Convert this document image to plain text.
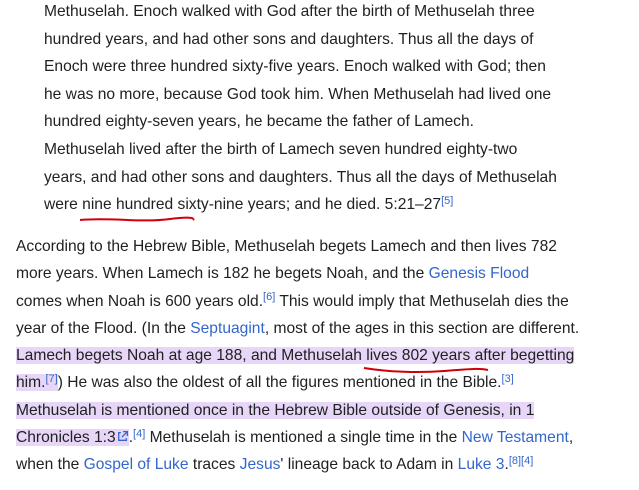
Methuselah. Enoch walked with God after the birth of Methuselah three
hundred years, and had other sons and daughters. Thus all the days of
Enoch were three hundred sixty-five years. Enoch walked with God; then
he was no more, because God took him. When Methuselah had lived one
hundred eighty-seven years, he became the father of Lamech.
Methuselah lived after the birth of Lamech seven hundred eighty-two
years, and had other sons and daughters. Thus all the days of Methuselah
were nine hundred
sixty-nine years; and he died. 5:21–27[5]
According to the Hebrew Bible, Methuselah begets Lamech and then lives 782
more years. When Lamech is 182 he begets Noah, and the Genesis Flood
comes when Noah is 600 years old.[6] This would imply that Methuselah dies the
year of the Flood. (In the Septuagint, most of the ages in this section are different.
Lamech begets Noah at age 188, and Methuselah lives 802 years
after begetting
him.[7]) He was also the oldest of all the figures mentioned in the Bible.[3]
Methuselah is mentioned once in the Hebrew Bible outside of Genesis, in 1
Chronicles 1:3 .[4] Methuselah is mentioned a single time in the New Testament,
when the Gospel of Luke traces Jesus' lineage back to Adam in Luke 3.[8][4]
